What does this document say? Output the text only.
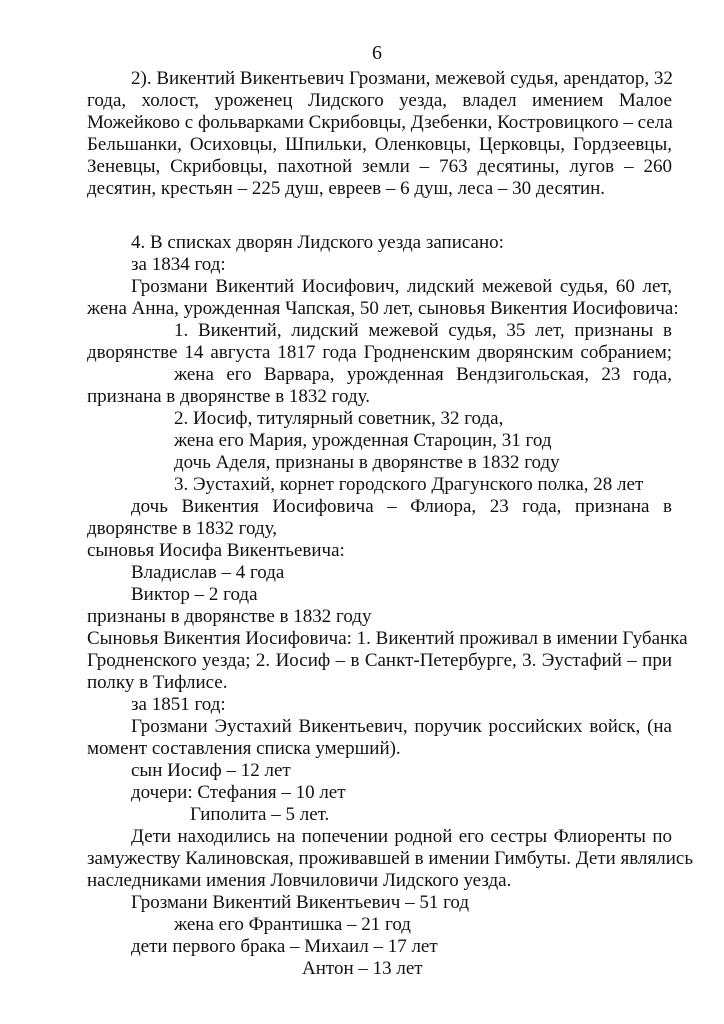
6
2). Викентий Викентьевич Грозмани, межевой судья, арендатор, 32
года, холост, уроженец Лидского уезда, владел имением Малое
Можейково с фольварками Скрибовцы, Дзебенки, Костровицкого – села
Бельшанки, Осиховцы, Шпильки, Оленковцы, Церковцы, Гордзеевцы,
Зеневцы, Скрибовцы, пахотной земли – 763 десятины, лугов – 260
десятин, крестьян – 225 душ, евреев – 6 душ, леса – 30 десятин.
4. В списках дворян Лидского уезда записано:
за 1834 год:
Грозмани Викентий Иосифович, лидский межевой судья, 60 лет,
жена Анна, урожденная Чапская, 50 лет, сыновья Викентия Иосифовича:
1. Викентий, лидский межевой судья, 35 лет, признаны в
дворянстве 14 августа 1817 года Гродненским дворянским собранием;
жена его Варвара, урожденная Вендзигольская, 23 года,
признана в дворянстве в 1832 году.
2. Иосиф, титулярный советник, 32 года,
жена его Мария, урожденная Староцин, 31 год
дочь Аделя, признаны в дворянстве в 1832 году
3. Эустахий, корнет городского Драгунского полка, 28 лет
дочь Викентия Иосифовича – Флиора, 23 года, признана в
дворянстве в 1832 году,
сыновья Иосифа Викентьевича:
Владислав – 4 года
Виктор – 2 года
признаны в дворянстве в 1832 году
Сыновья Викентия Иосифовича: 1. Викентий проживал в имении Губанка
Гродненского уезда; 2. Иосиф – в Санкт-Петербурге, 3. Эустафий – при
полку в Тифлисе.
за 1851 год:
Грозмани Эустахий Викентьевич, поручик российских войск, (на
момент составления списка умерший).
сын Иосиф – 12 лет
дочери: Стефания – 10 лет
Гиполита – 5 лет.
Дети находились на попечении родной его сестры Флиоренты по
замужеству Калиновская, проживавшей в имении Гимбуты. Дети являлись
наследниками имения Ловчиловичи Лидского уезда.
Грозмани Викентий Викентьевич – 51 год
жена его Франтишка – 21 год
дети первого брака – Михаил – 17 лет
Антон – 13 лет
